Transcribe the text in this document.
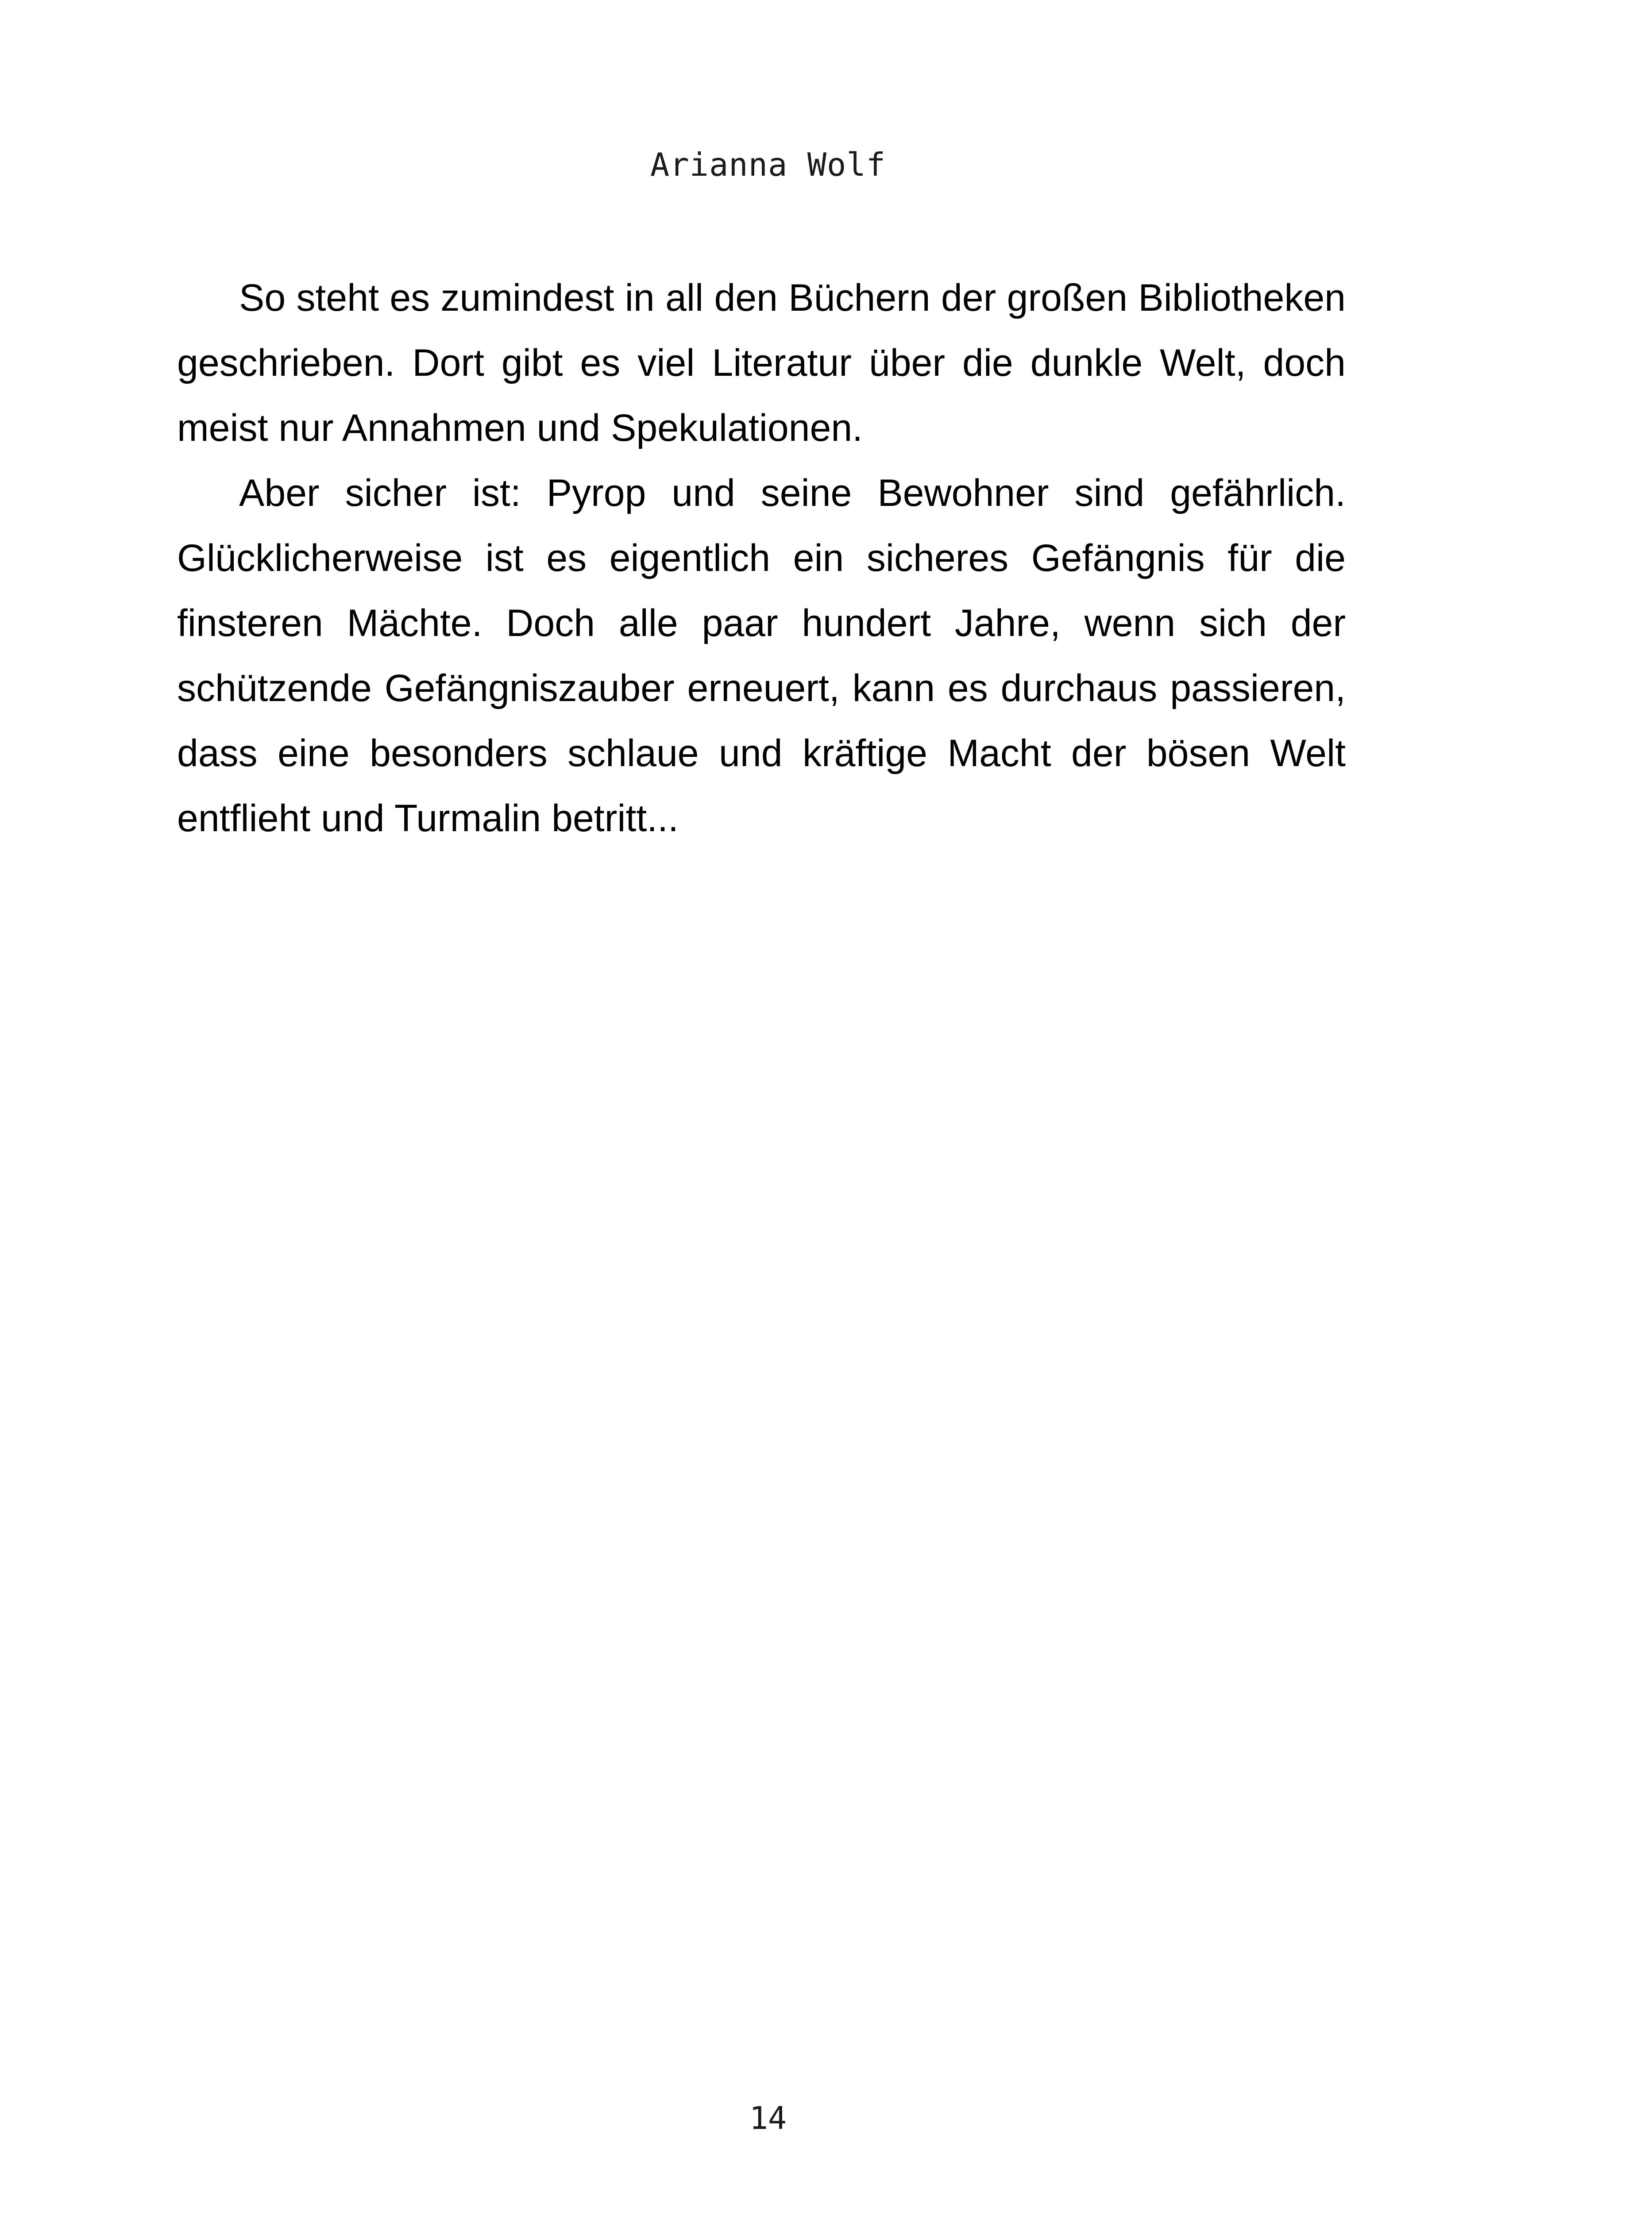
Arianna Wolf

So steht es zumindest in all den Büchern der großen Bibliotheken geschrieben. Dort gibt es viel Literatur über die dunkle Welt, doch meist nur Annahmen und Spekulationen.

Aber sicher ist: Pyrop und seine Bewohner sind gefährlich. Glücklicherweise ist es eigentlich ein sicheres Gefängnis für die finsteren Mächte. Doch alle paar hundert Jahre, wenn sich der schützende Gefängniszauber erneuert, kann es durchaus passieren, dass eine besonders schlaue und kräftige Macht der bösen Welt entflieht und Turmalin betritt...

14
